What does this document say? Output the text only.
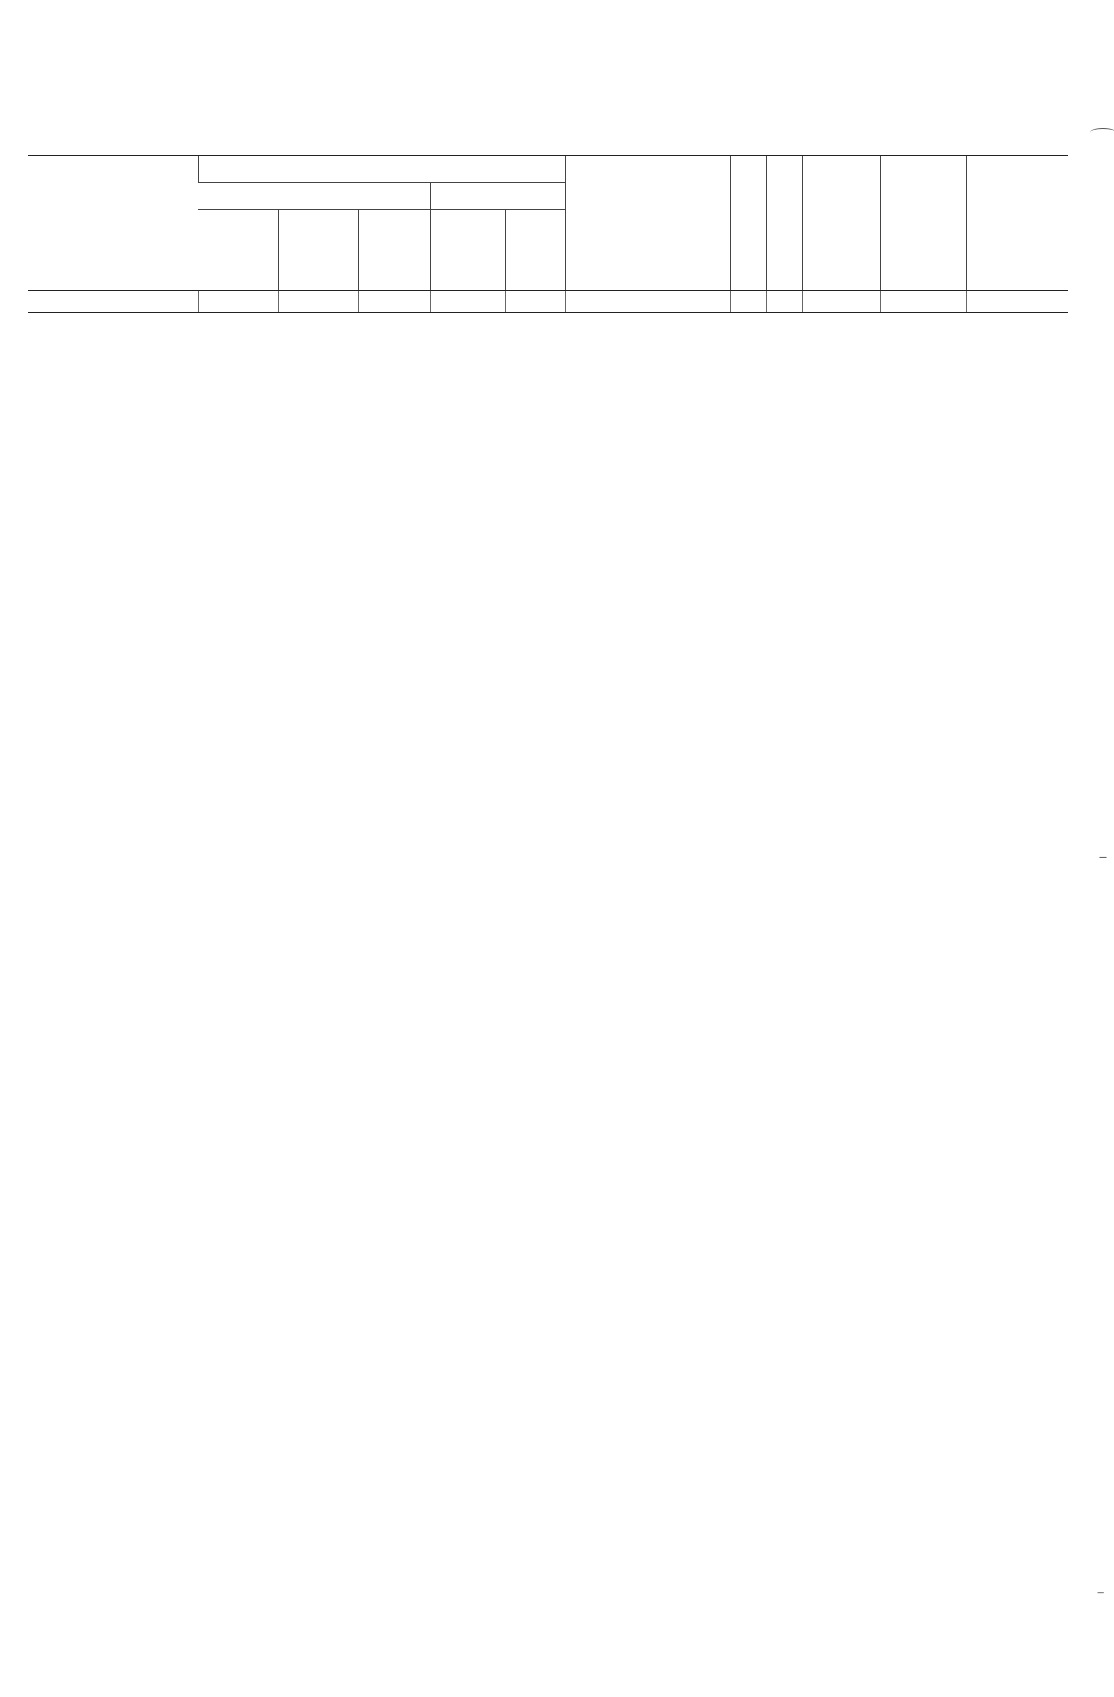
‾
‾
